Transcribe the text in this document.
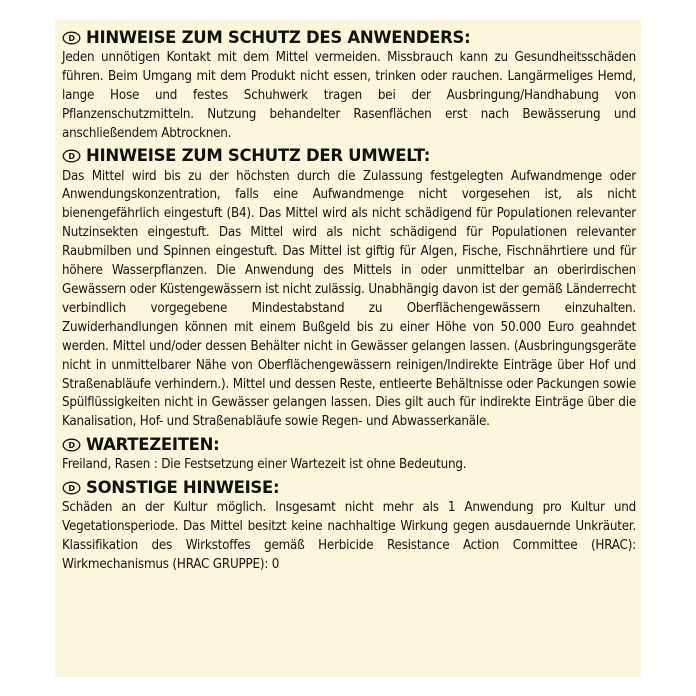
D HINWEISE ZUM SCHUTZ DES ANWENDERS:
Jeden unnötigen Kontakt mit dem Mittel vermeiden. Missbrauch kann zu Gesundheitsschäden führen. Beim Umgang mit dem Produkt nicht essen, trinken oder rauchen. Langärmeliges Hemd, lange Hose und festes Schuhwerk tragen bei der Ausbringung/Handhabung von Pflanzenschutzmitteln. Nutzung behandelter Rasenflächen erst nach Bewässerung und anschließendem Abtrocknen.
D HINWEISE ZUM SCHUTZ DER UMWELT:
Das Mittel wird bis zu der höchsten durch die Zulassung festgelegten Aufwandmenge oder Anwendungskonzentration, falls eine Aufwandmenge nicht vorgesehen ist, als nicht bienengefährlich eingestuft (B4). Das Mittel wird als nicht schädigend für Populationen relevanter Nutzinsekten eingestuft. Das Mittel wird als nicht schädigend für Populationen relevanter Raubmilben und Spinnen eingestuft. Das Mittel ist giftig für Algen, Fische, Fischnährtiere und für höhere Wasserpflanzen. Die Anwendung des Mittels in oder unmittelbar an oberirdischen Gewässern oder Küstengewässern ist nicht zulässig. Unabhängig davon ist der gemäß Länderrecht verbindlich vorgegebene Mindestabstand zu Oberflächengewässern einzuhalten. Zuwiderhandlungen können mit einem Bußgeld bis zu einer Höhe von 50.000 Euro geahndet werden. Mittel und/oder dessen Behälter nicht in Gewässer gelangen lassen. (Ausbringungsgeräte nicht in unmittelbarer Nähe von Oberflächengewässern reinigen/Indirekte Einträge über Hof und Straßenabläufe verhindern.). Mittel und dessen Reste, entleerte Behältnisse oder Packungen sowie Spülflüssigkeiten nicht in Gewässer gelangen lassen. Dies gilt auch für indirekte Einträge über die Kanalisation, Hof- und Straßenabläufe sowie Regen- und Abwasserkanäle.
D WARTEZEITEN:
Freiland, Rasen : Die Festsetzung einer Wartezeit ist ohne Bedeutung.
D SONSTIGE HINWEISE:
Schäden an der Kultur möglich. Insgesamt nicht mehr als 1 Anwendung pro Kultur und Vegetationsperiode. Das Mittel besitzt keine nachhaltige Wirkung gegen ausdauernde Unkräuter. Klassifikation des Wirkstoffes gemäß Herbicide Resistance Action Committee (HRAC): Wirkmechanismus (HRAC GRUPPE): 0
